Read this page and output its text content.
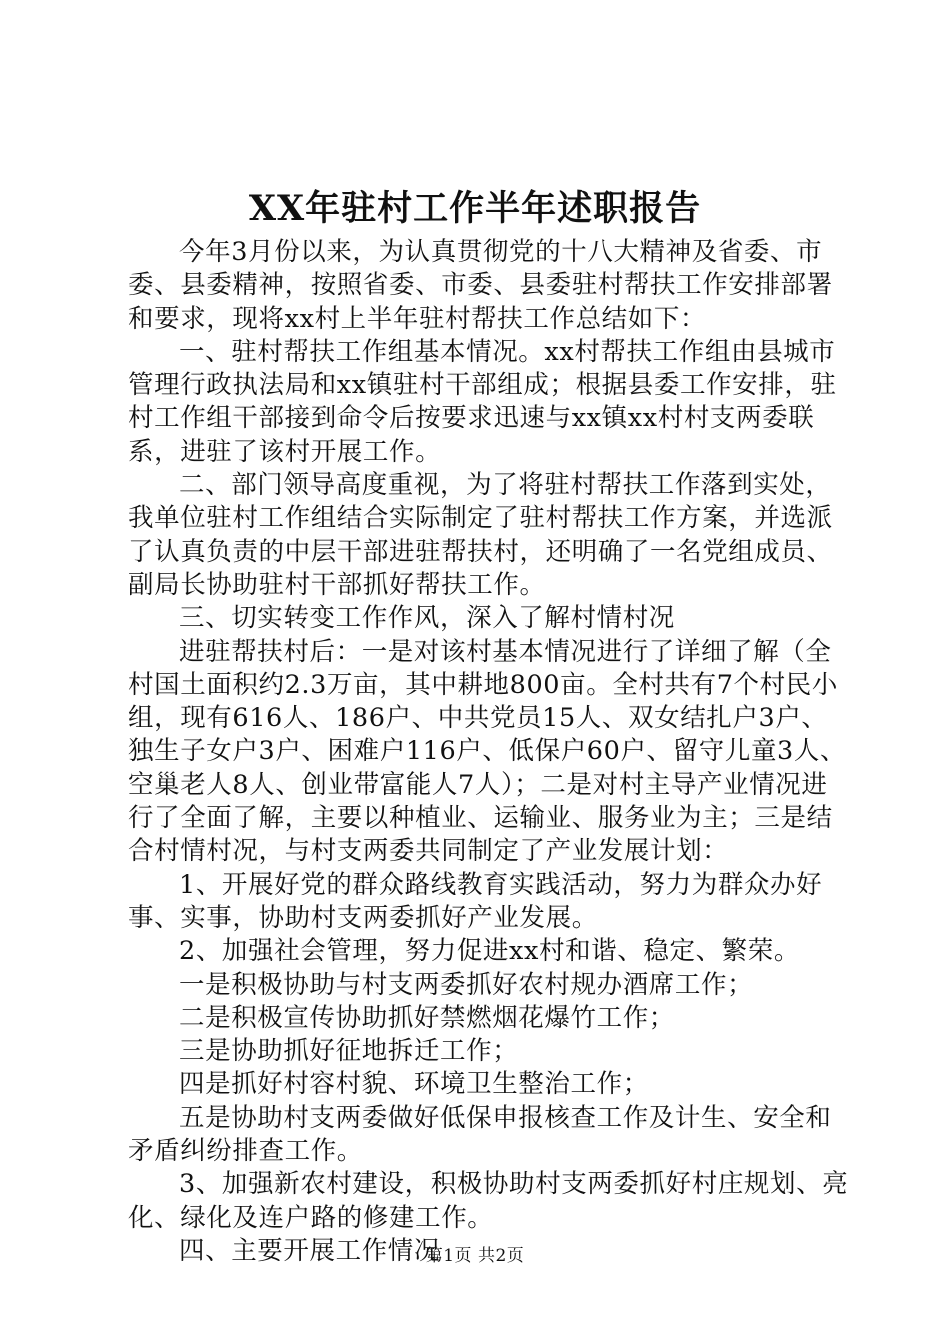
XX年驻村工作半年述职报告

今年3月份以来，为认真贯彻党的十八大精神及省委、市委、县委精神，按照省委、市委、县委驻村帮扶工作安排部署和要求，现将xx村上半年驻村帮扶工作总结如下：

一、驻村帮扶工作组基本情况。xx村帮扶工作组由县城市管理行政执法局和xx镇驻村干部组成；根据县委工作安排，驻村工作组干部接到命令后按要求迅速与xx镇xx村村支两委联系，进驻了该村开展工作。

二、部门领导高度重视，为了将驻村帮扶工作落到实处，我单位驻村工作组结合实际制定了驻村帮扶工作方案，并选派了认真负责的中层干部进驻帮扶村，还明确了一名党组成员、副局长协助驻村干部抓好帮扶工作。

三、切实转变工作作风，深入了解村情村况

进驻帮扶村后：一是对该村基本情况进行了详细了解（全村国土面积约2.3万亩，其中耕地800亩。全村共有7个村民小组，现有616人、186户、中共党员15人、双女结扎户3户、独生子女户3户、困难户116户、低保户60户、留守儿童3人、空巢老人8人、创业带富能人7人）；二是对村主导产业情况进行了全面了解，主要以种植业、运输业、服务业为主；三是结合村情村况，与村支两委共同制定了产业发展计划：

1、开展好党的群众路线教育实践活动，努力为群众办好事、实事，协助村支两委抓好产业发展。

2、加强社会管理，努力促进xx村和谐、稳定、繁荣。

一是积极协助与村支两委抓好农村规办酒席工作；

二是积极宣传协助抓好禁燃烟花爆竹工作；

三是协助抓好征地拆迁工作；

四是抓好村容村貌、环境卫生整治工作；

五是协助村支两委做好低保申报核查工作及计生、安全和矛盾纠纷排查工作。

3、加强新农村建设，积极协助村支两委抓好村庄规划、亮化、绿化及连户路的修建工作。

四、主要开展工作情况

第1页 共2页
